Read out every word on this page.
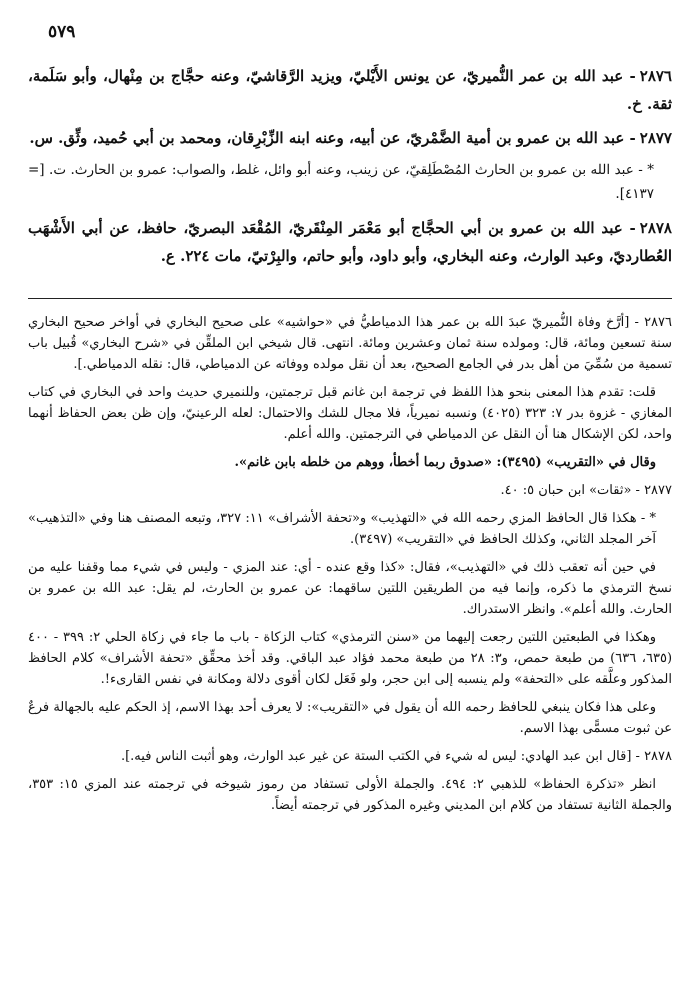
٥٧٩

٢٨٧٦- عبد الله بن عمر النُّميريّ، عن يونس الأَيْليّ، ويزيد الرَّقاشيّ، وعنه حجَّاج بن مِنْهال، وأبو سَلَمة، ثقة. خ.

٢٨٧٧- عبد الله بن عمرو بن أمية الضَّمْريّ، عن أبيه، وعنه ابنه الزِّبْرِقان، ومحمد بن أبي حُميد، وثِّق. س.

* - عبد الله بن عمرو بن الحارث المُصْطَلِقيّ، عن زينب، وعنه أبو وائل، غلط، والصواب: عمرو بن الحارث. ت. [= ٤١٣٧].

٢٨٧٨- عبد الله بن عمرو بن أبي الحجَّاج أبو مَعْمَر المِنْقَريّ، المُقْعَد البصريّ، حافظ، عن أبي الأَشْهَب العُطارديّ، وعبد الوارث، وعنه البخاري، وأبو داود، وأبو حاتم، والبِرْتيّ، مات ٢٢٤. ع.

٢٨٧٦ - [أرَّخ وفاة النُّميريّ عبدَ الله بن عمر هذا الدمياطيُّ في «حواشيه» على صحيح البخاري في أواخر صحيح البخاري سنة تسعين ومائة، قال: ومولده سنة ثمان وعشرين ومائة. انتهى. قال شيخي ابن الملقِّن في «شرح البخاري» قُبيل باب تسمية من سُمِّيَ من أهل بدر في الجامع الصحيح، بعد أن نقل مولده ووفاته عن الدمياطي، قال: نقله الدمياطي.].

قلت: تقدم هذا المعنى بنحو هذا اللفظ في ترجمة ابن غانم قبل ترجمتين، وللنميري حديث واحد في البخاري في كتاب المغازي - غزوة بدر ٧: ٣٢٣ (٤٠٢٥) ونسبه نميرياً، فلا مجال للشك والاحتمال: لعله الرعينيّ، وإن ظن بعض الحفاظ أنهما واحد، لكن الإشكال هنا أن النقل عن الدمياطي في الترجمتين. والله أعلم.

وقال في «التقريب» (٣٤٩٥): «صدوق ربما أخطأ، ووهم من خلطه بابن غانم».

٢٨٧٧ - «ثقات» ابن حبان ٥: ٤٠.

* - هكذا قال الحافظ المزي رحمه الله في «التهذيب» و«تحفة الأشراف» ١١: ٣٢٧، وتبعه المصنف هنا وفي «التذهيب» آخر المجلد الثاني، وكذلك الحافظ في «التقريب» (٣٤٩٧).

في حين أنه تعقب ذلك في «التهذيب»، فقال: «كذا وقع عنده - أي: عند المزي - وليس في شيء مما وقفنا عليه من نسخ الترمذي ما ذكره، وإنما فيه من الطريقين اللتين ساقهما: عن عمرو بن الحارث، لم يقل: عبد الله بن عمرو بن الحارث. والله أعلم». وانظر الاستدراك.

وهكذا في الطبعتين اللتين رجعت إليهما من «سنن الترمذي» كتاب الزكاة - باب ما جاء في زكاة الحلي ٢: ٣٩٩ - ٤٠٠ (٦٣٥، ٦٣٦) من طبعة حمص، و٣: ٢٨ من طبعة محمد فؤاد عبد الباقي. وقد أخذ محقِّق «تحفة الأشراف» كلام الحافظ المذكور وعلَّقه على «التحفة» ولم ينسبه إلى ابن حجر، ولو فَعَل لكان أقوى دلالة ومكانة في نفس القارىء!.

وعلى هذا فكان ينبغي للحافظ رحمه الله أن يقول في «التقريب»: لا يعرف أحد بهذا الاسم، إذ الحكم عليه بالجهالة فرعٌ عن ثبوت مسمًّى بهذا الاسم.

٢٨٧٨ - [قال ابن عبد الهادي: ليس له شيء في الكتب الستة عن غير عبد الوارث، وهو أثبت الناس فيه.].

انظر «تذكرة الحفاظ» للذهبي ٢: ٤٩٤. والجملة الأولى تستفاد من رموز شيوخه في ترجمته عند المزي ١٥: ٣٥٣، والجملة الثانية تستفاد من كلام ابن المديني وغيره المذكور في ترجمته أيضاً.
